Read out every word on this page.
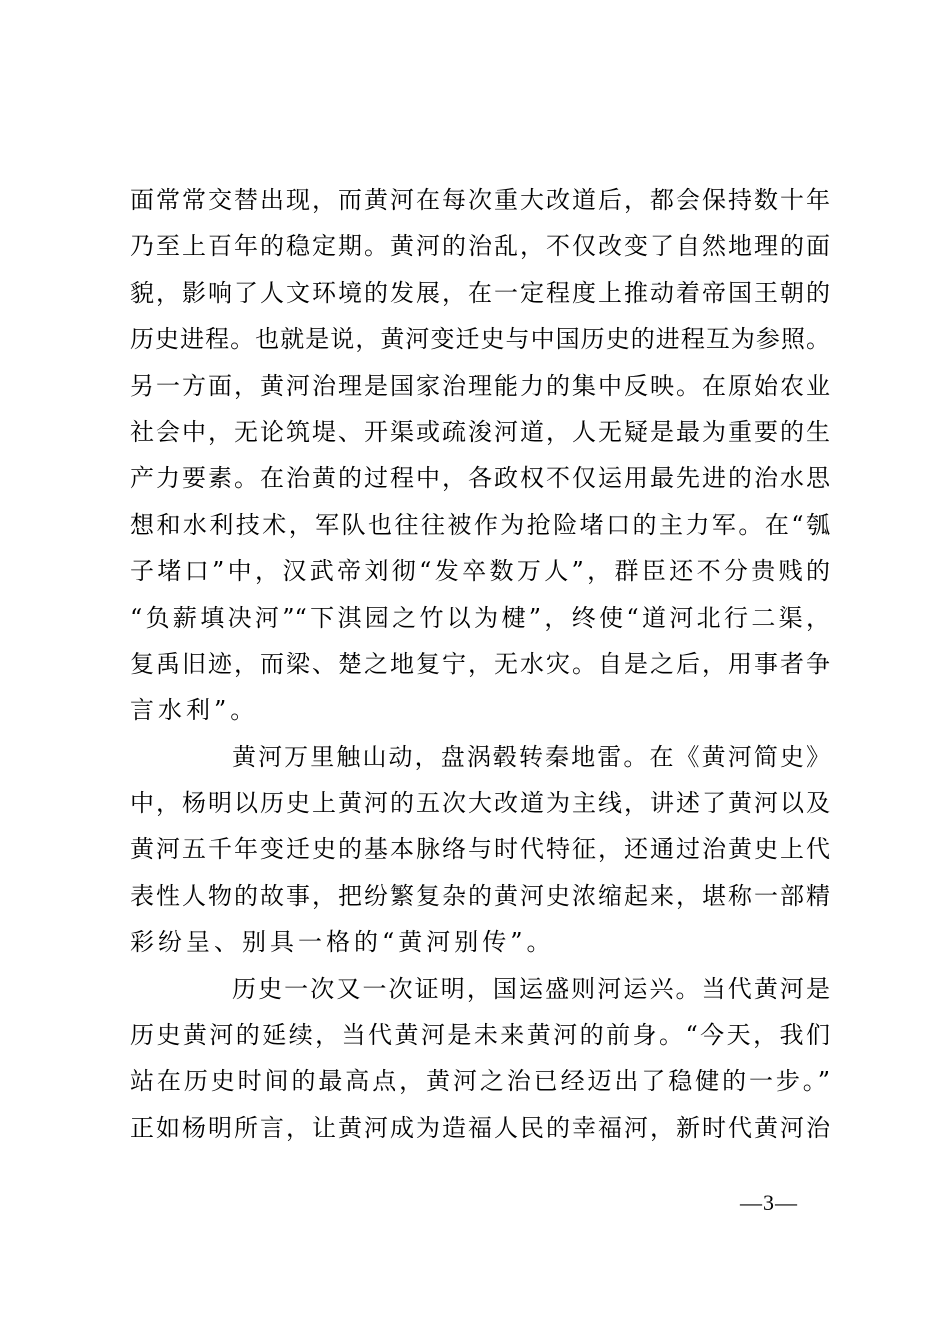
面常常交替出现，而黄河在每次重大改道后，都会保持数十年
乃至上百年的稳定期。黄河的治乱，不仅改变了自然地理的面
貌，影响了人文环境的发展，在一定程度上推动着帝国王朝的
历史进程。也就是说，黄河变迁史与中国历史的进程互为参照。
另一方面，黄河治理是国家治理能力的集中反映。在原始农业
社会中，无论筑堤、开渠或疏浚河道，人无疑是最为重要的生
产力要素。在治黄的过程中，各政权不仅运用最先进的治水思
想和水利技术，军队也往往被作为抢险堵口的主力军。在“瓠
子堵口”中，汉武帝刘彻“发卒数万人”，群臣还不分贵贱的
“负薪填决河”“下淇园之竹以为楗”，终使“道河北行二渠，
复禹旧迹，而梁、楚之地复宁，无水灾。自是之后，用事者争
言水利”。
黄河万里触山动，盘涡毂转秦地雷。在《黄河简史》
中，杨明以历史上黄河的五次大改道为主线，讲述了黄河以及
黄河五千年变迁史的基本脉络与时代特征，还通过治黄史上代
表性人物的故事，把纷繁复杂的黄河史浓缩起来，堪称一部精
彩纷呈、别具一格的“黄河别传”。
历史一次又一次证明，国运盛则河运兴。当代黄河是
历史黄河的延续，当代黄河是未来黄河的前身。“今天，我们
站在历史时间的最高点，黄河之治已经迈出了稳健的一步。”
正如杨明所言，让黄河成为造福人民的幸福河，新时代黄河治
—3—
